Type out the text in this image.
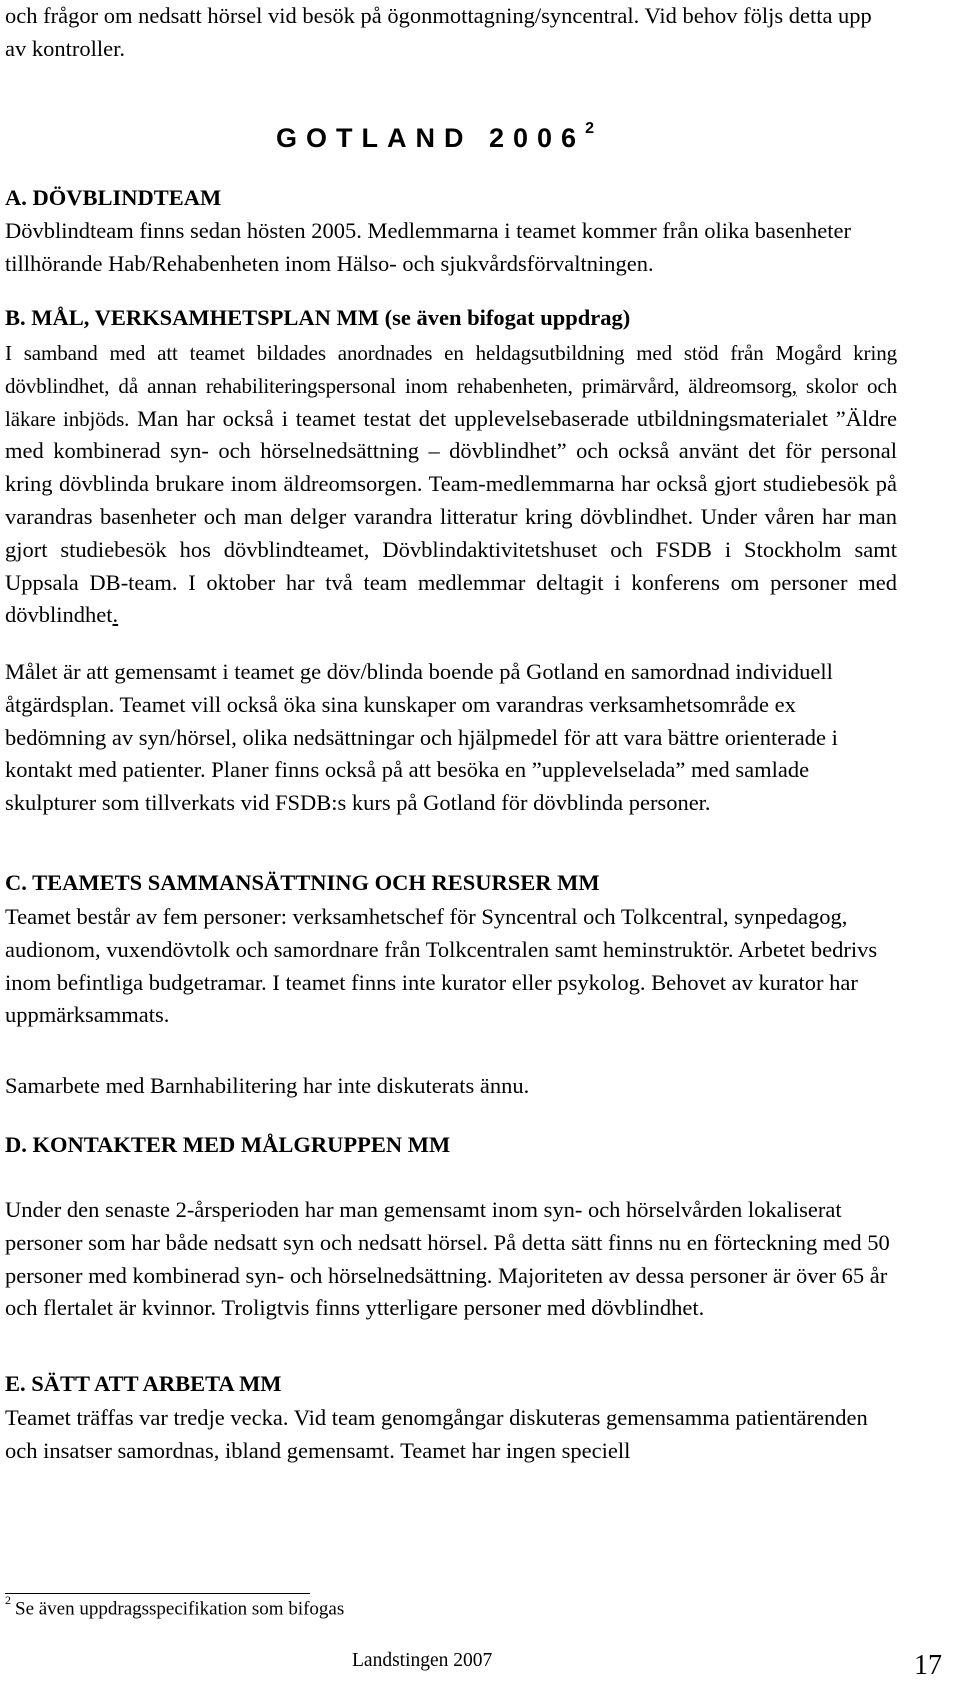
och frågor om nedsatt hörsel vid besök på ögonmottagning/syncentral. Vid behov följs detta upp av kontroller.

GOTLAND 2006$^2$
A. DÖVBLINDTEAM

Dövblindteam finns sedan hösten 2005. Medlemmarna i teamet kommer från olika basenheter tillhörande Hab/Rehabenheten inom Hälso- och sjukvårdsförvaltningen.

B. MÅL, VERKSAMHETSPLAN MM (se även bifogat uppdrag)

I samband med att teamet bildades anordnades en heldagsutbildning med stöd från Mogård kring dövblindhet, då annan rehabiliteringspersonal inom rehabenheten, primärvård, äldreomsorg, skolor och läkare inbjöds. Man har också i teamet testat det upplevelsebaserade utbildningsmaterialet ”Äldre med kombinerad syn- och hörselnedsättning – dövblindhet” och också använt det för personal kring dövblinda brukare inom äldreomsorgen. Team-medlemmarna har också gjort studiebesök på varandras basenheter och man delger varandra litteratur kring dövblindhet. Under våren har man gjort studiebesök hos dövblindteamet, Dövblindaktivitetshuset och FSDB i Stockholm samt Uppsala DB-team. I oktober har två team medlemmar deltagit i konferens om personer med dövblindhet.

Målet är att gemensamt i teamet ge döv/blinda boende på Gotland en samordnad individuell åtgärdsplan. Teamet vill också öka sina kunskaper om varandras verksamhetsområde ex bedömning av syn/hörsel, olika nedsättningar och hjälpmedel för att vara bättre orienterade i kontakt med patienter. Planer finns också på att besöka en ”upplevelselada” med samlade skulpturer som tillverkats vid FSDB:s kurs på Gotland för dövblinda personer.

C. TEAMETS SAMMANSÄTTNING OCH RESURSER MM

Teamet består av fem personer: verksamhetschef för Syncentral och Tolkcentral, synpedagog, audionom, vuxendövtolk och samordnare från Tolkcentralen samt heminstruktör. Arbetet bedrivs inom befintliga budgetramar. I teamet finns inte kurator eller psykolog. Behovet av kurator har uppmärksammats.

Samarbete med Barnhabilitering har inte diskuterats ännu.

D. KONTAKTER MED MÅLGRUPPEN MM

Under den senaste 2-årsperioden har man gemensamt inom syn- och hörselvården lokaliserat personer som har både nedsatt syn och nedsatt hörsel. På detta sätt finns nu en förteckning med 50 personer med kombinerad syn- och hörselnedsättning. Majoriteten av dessa personer är över 65 år och flertalet är kvinnor. Troligtvis finns ytterligare personer med dövblindhet.

E. SÄTT ATT ARBETA MM

Teamet träffas var tredje vecka. Vid team genomgångar diskuteras gemensamma patientärenden och insatser samordnas, ibland gemensamt. Teamet har ingen speciell

$^2$ Se även uppdragsspecifikation som bifogas
Landstingen 2007	17
